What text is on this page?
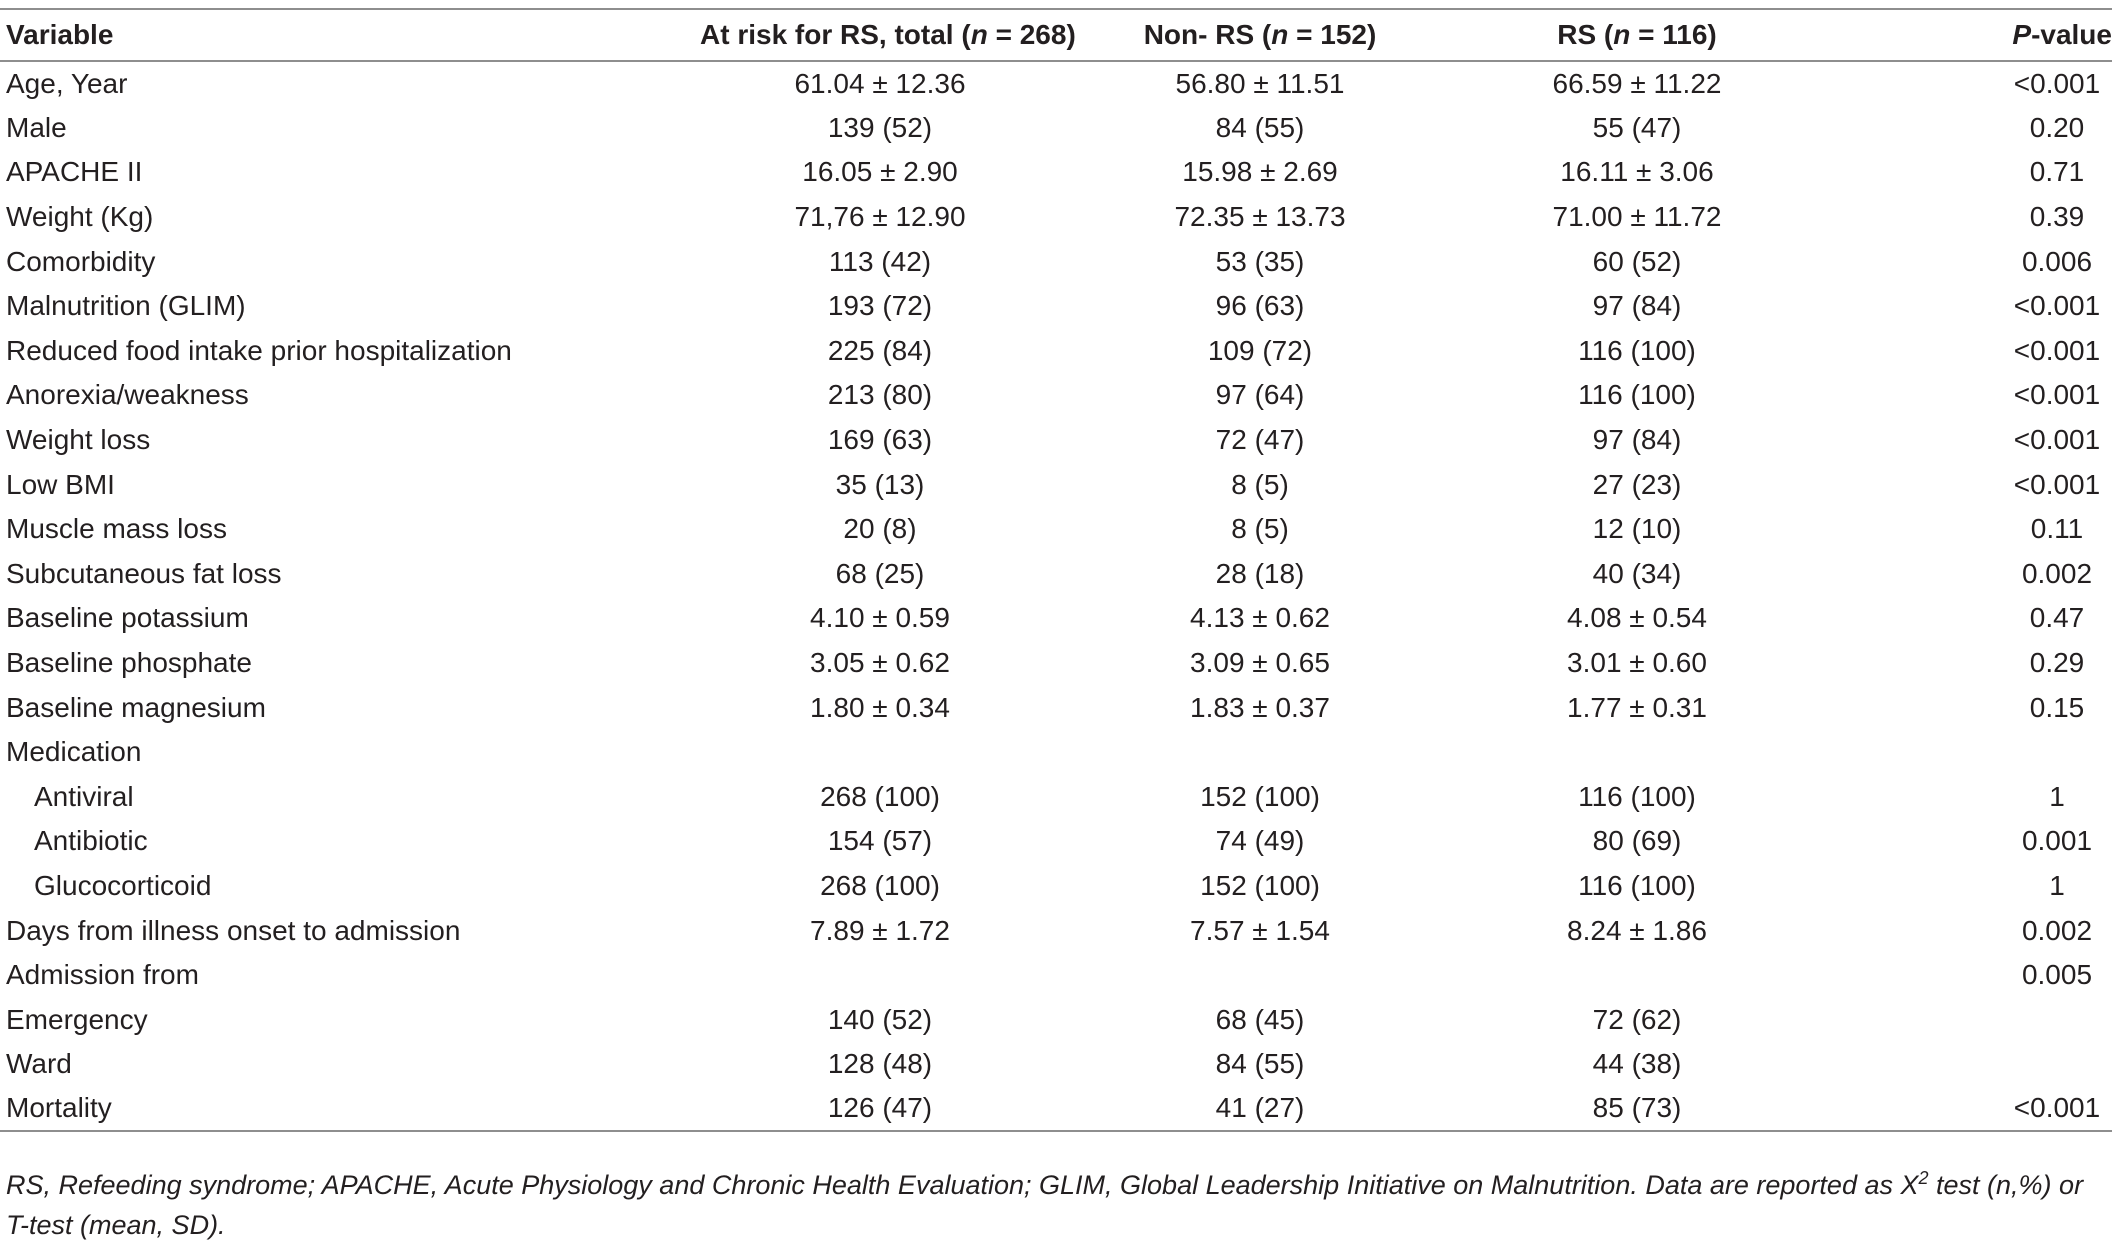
Variable	At risk for RS, total (n = 268)	Non- RS (n = 152)	RS (n = 116)	P-value
Age, Year	61.04 ± 12.36	56.80 ± 11.51	66.59 ± 11.22	<0.001
Male	139 (52)	84 (55)	55 (47)	0.20
APACHE II	16.05 ± 2.90	15.98 ± 2.69	16.11 ± 3.06	0.71
Weight (Kg)	71,76 ± 12.90	72.35 ± 13.73	71.00 ± 11.72	0.39
Comorbidity	113 (42)	53 (35)	60 (52)	0.006
Malnutrition (GLIM)	193 (72)	96 (63)	97 (84)	<0.001
Reduced food intake prior hospitalization	225 (84)	109 (72)	116 (100)	<0.001
Anorexia/weakness	213 (80)	97 (64)	116 (100)	<0.001
Weight loss	169 (63)	72 (47)	97 (84)	<0.001
Low BMI	35 (13)	8 (5)	27 (23)	<0.001
Muscle mass loss	20 (8)	8 (5)	12 (10)	0.11
Subcutaneous fat loss	68 (25)	28 (18)	40 (34)	0.002
Baseline potassium	4.10 ± 0.59	4.13 ± 0.62	4.08 ± 0.54	0.47
Baseline phosphate	3.05 ± 0.62	3.09 ± 0.65	3.01 ± 0.60	0.29
Baseline magnesium	1.80 ± 0.34	1.83 ± 0.37	1.77 ± 0.31	0.15
Medication				
Antiviral	268 (100)	152 (100)	116 (100)	1
Antibiotic	154 (57)	74 (49)	80 (69)	0.001
Glucocorticoid	268 (100)	152 (100)	116 (100)	1
Days from illness onset to admission	7.89 ± 1.72	7.57 ± 1.54	8.24 ± 1.86	0.002
Admission from				0.005
Emergency	140 (52)	68 (45)	72 (62)	
Ward	128 (48)	84 (55)	44 (38)	
Mortality	126 (47)	41 (27)	85 (73)	<0.001
RS, Refeeding syndrome; APACHE, Acute Physiology and Chronic Health Evaluation; GLIM, Global Leadership Initiative on Malnutrition. Data are reported as $X^2$ test (n,%) or T-test (mean, SD).
